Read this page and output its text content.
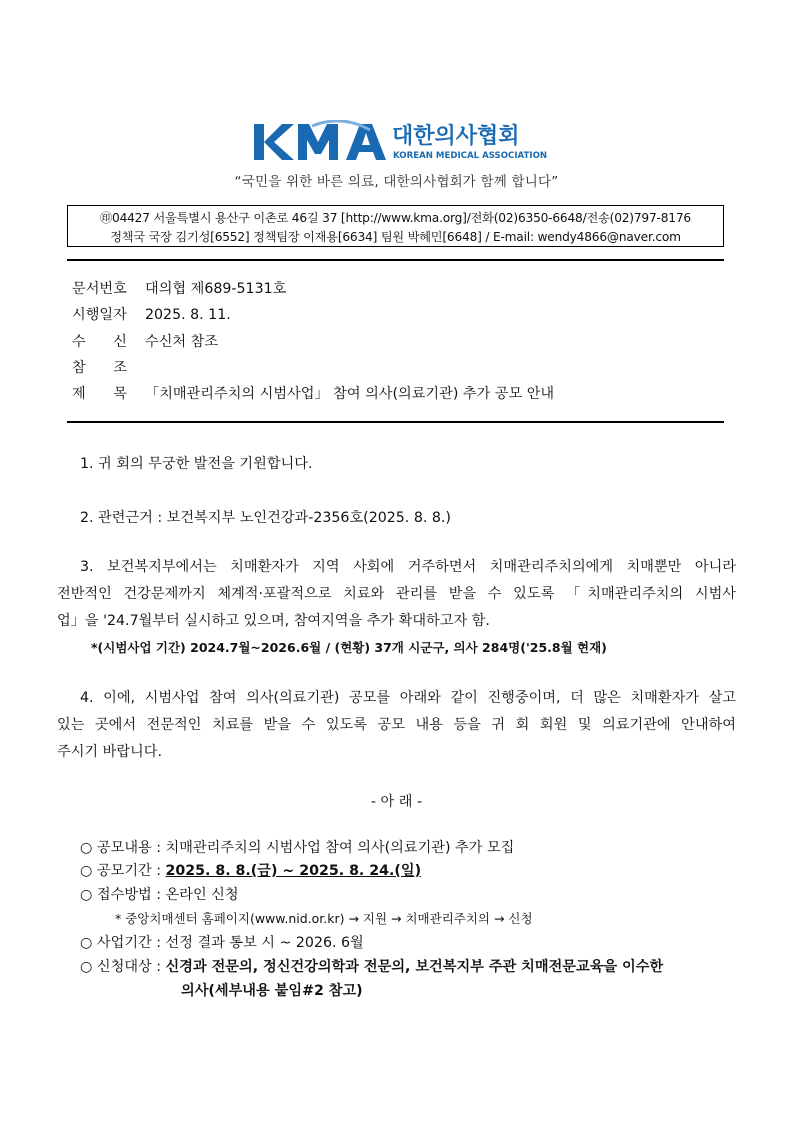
대한의사협회
KOREAN MEDICAL ASSOCIATION
“국민을 위한 바른 의료, 대한의사협회가 함께 합니다”
㊞04427 서울특별시 용산구 이촌로 46길 37 [http://www.kma.org]/전화(02)6350-6648/전송(02)797-8176
정책국 국장 김기성[6552] 정책팀장 이재용[6634] 팀원 박혜민[6648] / E-mail: wendy4866@naver.com
문서번호 대의협 제689-5131호
시행일자 2025. 8. 11.
수 신 수신처 참조
참 조
제 목 「치매관리주치의 시범사업」 참여 의사(의료기관) 추가 공모 안내
1. 귀 회의 무궁한 발전을 기원합니다.
2. 관련근거 : 보건복지부 노인건강과-2356호(2025. 8. 8.)
3. 보건복지부에서는 치매환자가 지역 사회에 거주하면서 치매관리주치의에게 치매뿐만 아니라
전반적인 건강문제까지 체계적·포괄적으로 치료와 관리를 받을 수 있도록 「치매관리주치의 시범사
업」을 '24.7월부터 실시하고 있으며, 참여지역을 추가 확대하고자 함.
*(시범사업 기간) 2024.7월~2026.6월 / (현황) 37개 시군구, 의사 284명('25.8월 현재)
4. 이에, 시범사업 참여 의사(의료기관) 공모를 아래와 같이 진행중이며, 더 많은 치매환자가 살고
있는 곳에서 전문적인 치료를 받을 수 있도록 공모 내용 등을 귀 회 회원 및 의료기관에 안내하여
주시기 바랍니다.
- 아 래 -
○ 공모내용 : 치매관리주치의 시범사업 참여 의사(의료기관) 추가 모집
○ 공모기간 : 2025. 8. 8.(금) ~ 2025. 8. 24.(일)
○ 접수방법 : 온라인 신청
* 중앙치매센터 홈페이지(www.nid.or.kr) → 지원 → 치매관리주치의 → 신청
○ 사업기간 : 선정 결과 통보 시 ~ 2026. 6월
○ 신청대상 : 신경과 전문의, 정신건강의학과 전문의, 보건복지부 주관 치매전문교육을 이수한
의사(세부내용 붙임#2 참고)
